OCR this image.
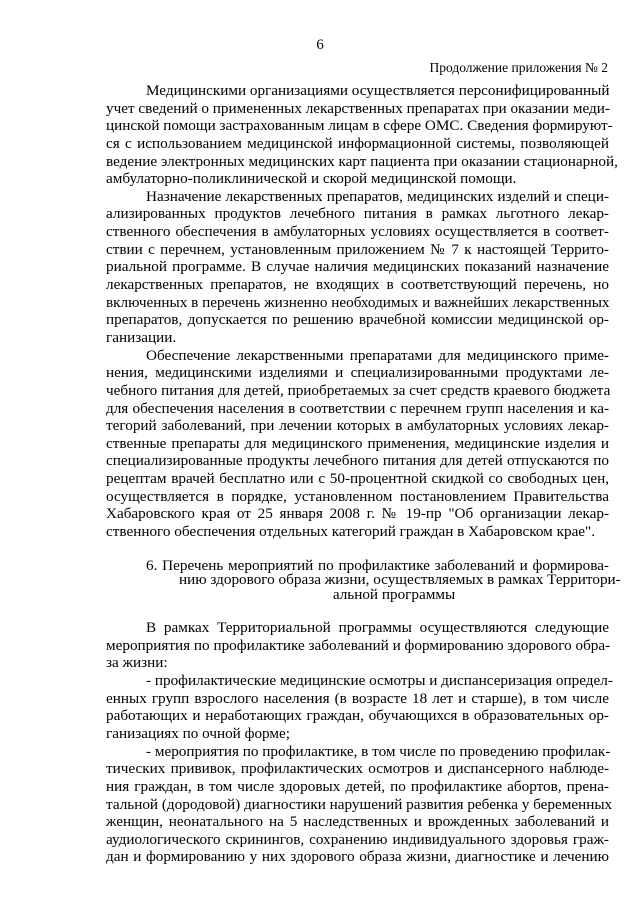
6
Продолжение приложения № 2
Медицинскими организациями осуществляется персонифицированный
учет сведений о примененных лекарственных препаратах при оказании меди-
цинской помощи застрахованным лицам в сфере ОМС. Сведения формируют-
ся с использованием медицинской информационной системы, позволяющей
ведение электронных медицинских карт пациента при оказании стационарной,
амбулаторно-поликлинической и скорой медицинской помощи.
Назначение лекарственных препаратов, медицинских изделий и специ-
ализированных продуктов лечебного питания в рамках льготного лекар-
ственного обеспечения в амбулаторных условиях осуществляется в соответ-
ствии с перечнем, установленным приложением № 7 к настоящей Террито-
риальной программе. В случае наличия медицинских показаний назначение
лекарственных препаратов, не входящих в соответствующий перечень, но
включенных в перечень жизненно необходимых и важнейших лекарственных
препаратов, допускается по решению врачебной комиссии медицинской ор-
ганизации.
Обеспечение лекарственными препаратами для медицинского приме-
нения, медицинскими изделиями и специализированными продуктами ле-
чебного питания для детей, приобретаемых за счет средств краевого бюджета
для обеспечения населения в соответствии с перечнем групп населения и ка-
тегорий заболеваний, при лечении которых в амбулаторных условиях лекар-
ственные препараты для медицинского применения, медицинские изделия и
специализированные продукты лечебного питания для детей отпускаются по
рецептам врачей бесплатно или с 50-процентной скидкой со свободных цен,
осуществляется в порядке, установленном постановлением Правительства
Хабаровского края от 25 января 2008 г. № 19-пр "Об организации лекар-
ственного обеспечения отдельных категорий граждан в Хабаровском крае".
6. Перечень мероприятий по профилактике заболеваний и формирова-
нию здорового образа жизни, осуществляемых в рамках Территори-
альной программы
В рамках Территориальной программы осуществляются следующие
мероприятия по профилактике заболеваний и формированию здорового обра-
за жизни:
- профилактические медицинские осмотры и диспансеризация определ-
енных групп взрослого населения (в возрасте 18 лет и старше), в том числе
работающих и неработающих граждан, обучающихся в образовательных ор-
ганизациях по очной форме;
- мероприятия по профилактике, в том числе по проведению профилак-
тических прививок, профилактических осмотров и диспансерного наблюде-
ния граждан, в том числе здоровых детей, по профилактике абортов, прена-
тальной (дородовой) диагностики нарушений развития ребенка у беременных
женщин, неонатального на 5 наследственных и врожденных заболеваний и
аудиологического скринингов, сохранению индивидуального здоровья граж-
дан и формированию у них здорового образа жизни, диагностике и лечению
